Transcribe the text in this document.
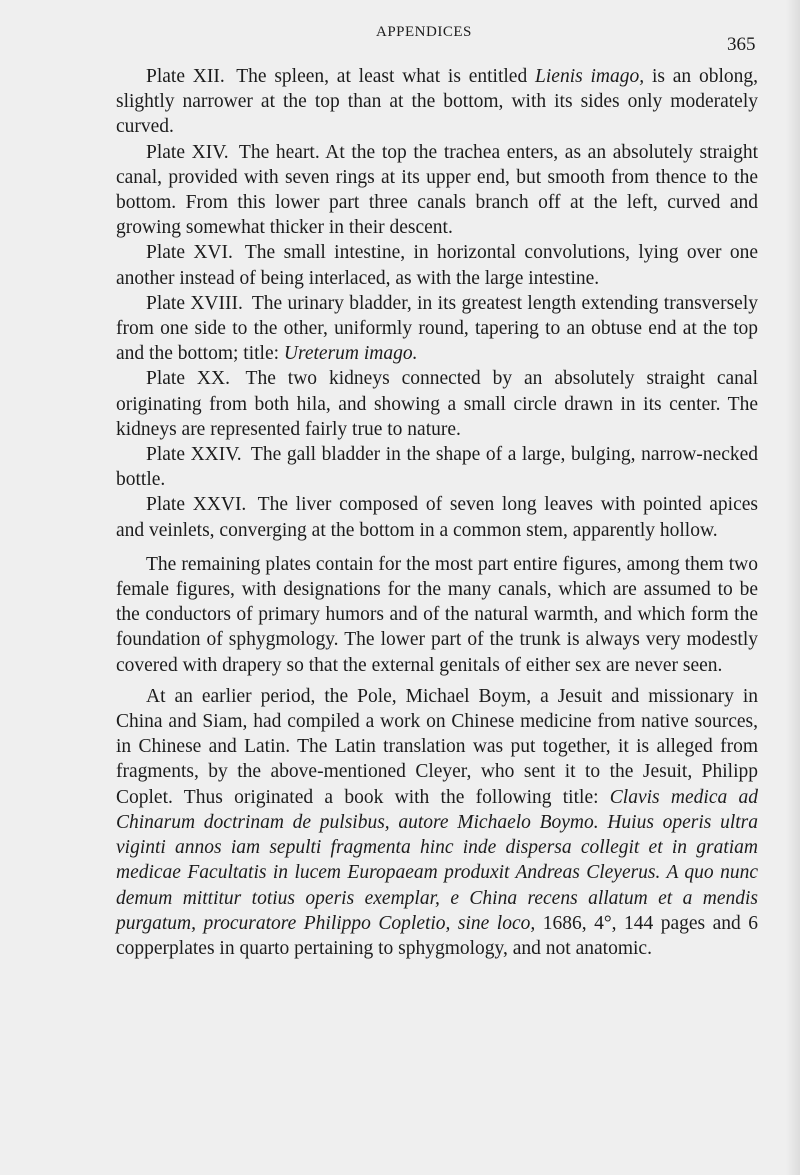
APPENDICES
365

Plate XII. The spleen, at least what is entitled Lienis imago, is an oblong, slightly narrower at the top than at the bottom, with its sides only moderately curved.

Plate XIV. The heart. At the top the trachea enters, as an absolutely straight canal, provided with seven rings at its upper end, but smooth from thence to the bottom. From this lower part three canals branch off at the left, curved and growing somewhat thicker in their descent.

Plate XVI. The small intestine, in horizontal convolutions, lying over one another instead of being interlaced, as with the large intestine.

Plate XVIII. The urinary bladder, in its greatest length extending transversely from one side to the other, uniformly round, tapering to an obtuse end at the top and the bottom; title: Ureterum imago.

Plate XX. The two kidneys connected by an absolutely straight canal originating from both hila, and showing a small circle drawn in its center. The kidneys are represented fairly true to nature.

Plate XXIV. The gall bladder in the shape of a large, bulging, narrow-necked bottle.

Plate XXVI. The liver composed of seven long leaves with pointed apices and veinlets, converging at the bottom in a common stem, apparently hollow.

The remaining plates contain for the most part entire figures, among them two female figures, with designations for the many canals, which are assumed to be the conductors of primary humors and of the natural warmth, and which form the foundation of sphygmology. The lower part of the trunk is always very modestly covered with drapery so that the external genitals of either sex are never seen.

At an earlier period, the Pole, Michael Boym, a Jesuit and missionary in China and Siam, had compiled a work on Chinese medicine from native sources, in Chinese and Latin. The Latin translation was put together, it is alleged from fragments, by the above-mentioned Cleyer, who sent it to the Jesuit, Philipp Coplet. Thus originated a book with the following title: Clavis medica ad Chinarum doctrinam de pulsibus, autore Michaelo Boymo. Huius operis ultra viginti annos iam sepulti fragmenta hinc inde dispersa collegit et in gratiam medicae Facultatis in lucem Europaeam produxit Andreas Cleyerus. A quo nunc demum mittitur totius operis exemplar, e China recens allatum et a mendis purgatum, procuratore Philippo Copletio, sine loco, 1686, 4°, 144 pages and 6 copperplates in quarto pertaining to sphygmology, and not anatomic.
